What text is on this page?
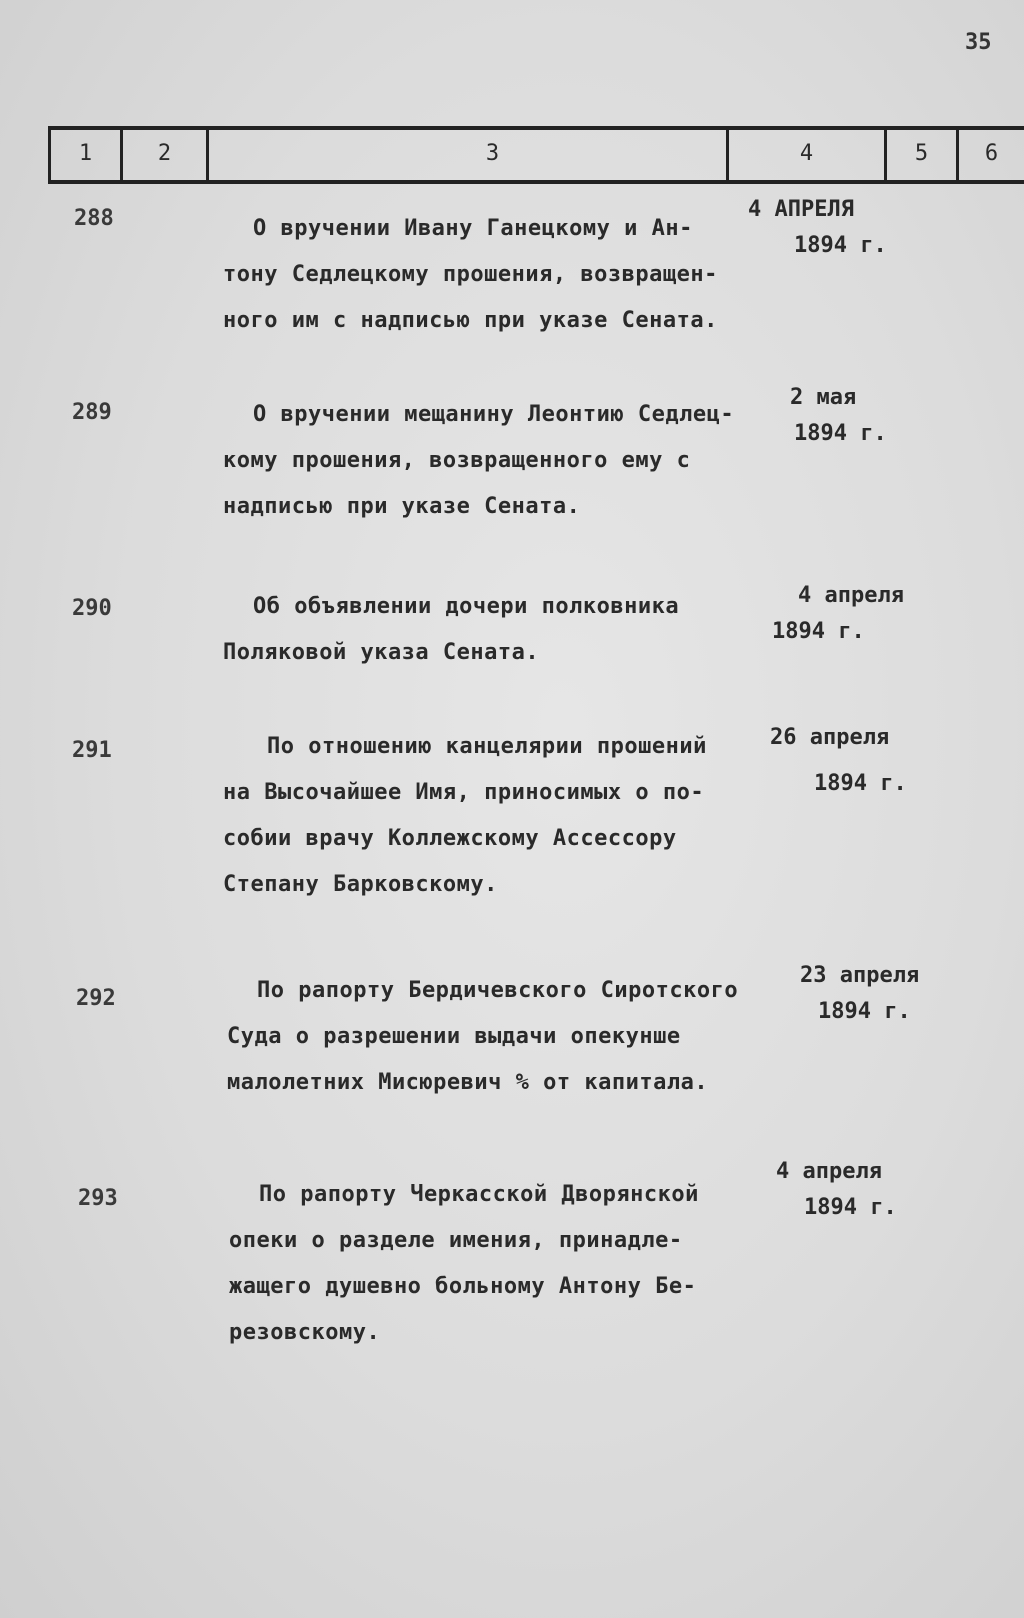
35
1	2	3	4	5	6
288	О вручении Ивану Ганецкому и Ан-
тону Седлецкому прошения, возвращен-
ного им с надписью при указе Сената.
4 АПРЕЛЯ
1894 г.
289	О вручении мещанину Леонтию Седлец-
кому прошения, возвращенного ему с
надписью при указе Сената.
2 мая
1894 г.
290	Об объявлении дочери полковника
Поляковой указа Сената.
4 апреля
1894 г.
291	По отношению канцелярии прошений
на Высочайшее Имя, приносимых о по-
собии врачу Коллежскому Ассессору
Степану Барковскому.
26 апреля
1894 г.
292	По рапорту Бердичевского Сиротского
Суда о разрешении выдачи опекунше
малолетних Мисюревич % от капитала.
23 апреля
1894 г.
293	По рапорту Черкасской Дворянской
опеки о разделе имения, принадле-
жащего душевно больному Антону Бе-
резовскому.
4 апреля
1894 г.
